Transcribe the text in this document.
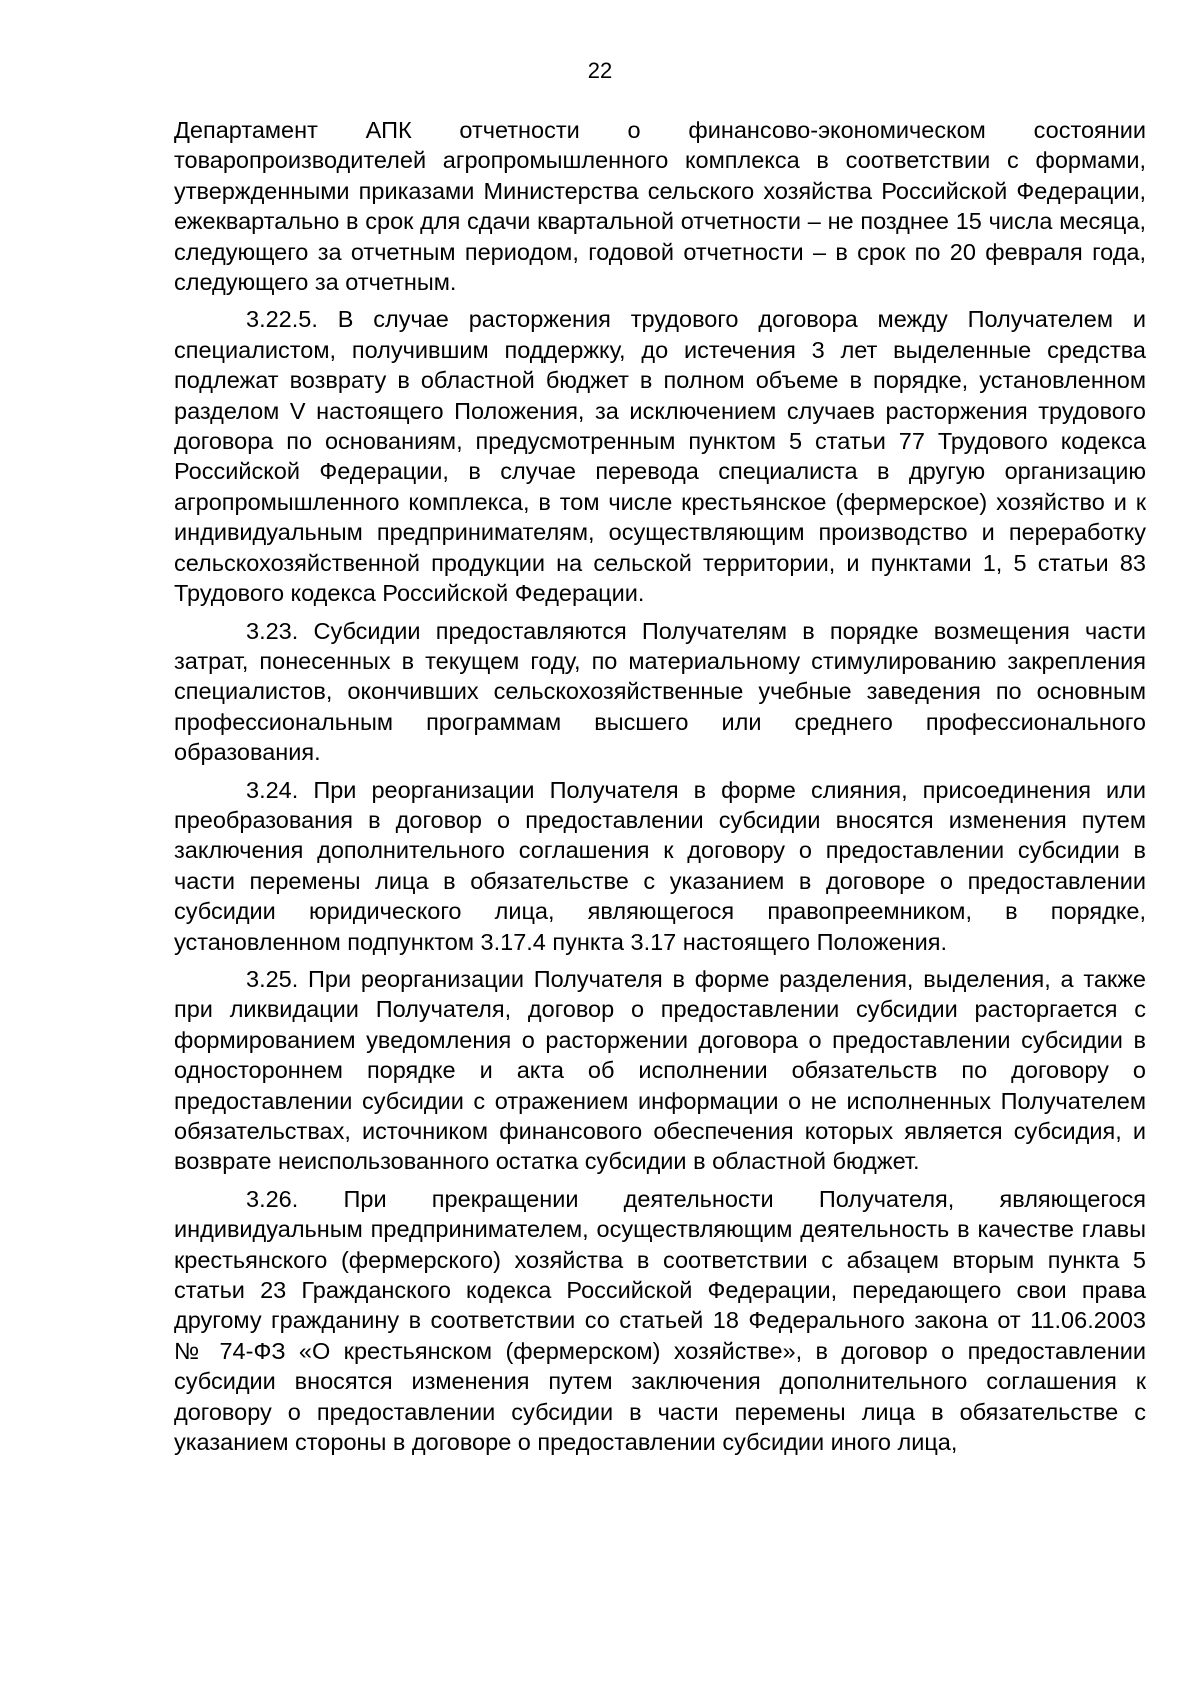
22

Департамент АПК отчетности о финансово-экономическом состоянии товаропроизводителей агропромышленного комплекса в соответствии с формами, утвержденными приказами Министерства сельского хозяйства Российской Федерации, ежеквартально в срок для сдачи квартальной отчетности – не позднее 15 числа месяца, следующего за отчетным периодом, годовой отчетности – в срок по 20 февраля года, следующего за отчетным.

3.22.5. В случае расторжения трудового договора между Получателем и специалистом, получившим поддержку, до истечения 3 лет выделенные средства подлежат возврату в областной бюджет в полном объеме в порядке, установленном разделом V настоящего Положения, за исключением случаев расторжения трудового договора по основаниям, предусмотренным пунктом 5 статьи 77 Трудового кодекса Российской Федерации, в случае перевода специалиста в другую организацию агропромышленного комплекса, в том числе крестьянское (фермерское) хозяйство и к индивидуальным предпринимателям, осуществляющим производство и переработку сельскохозяйственной продукции на сельской территории, и пунктами 1, 5 статьи 83 Трудового кодекса Российской Федерации.

3.23. Субсидии предоставляются Получателям в порядке возмещения части затрат, понесенных в текущем году, по материальному стимулированию закрепления специалистов, окончивших сельскохозяйственные учебные заведения по основным профессиональным программам высшего или среднего профессионального образования.

3.24. При реорганизации Получателя в форме слияния, присоединения или преобразования в договор о предоставлении субсидии вносятся изменения путем заключения дополнительного соглашения к договору о предоставлении субсидии в части перемены лица в обязательстве с указанием в договоре о предоставлении субсидии юридического лица, являющегося правопреемником, в порядке, установленном подпунктом 3.17.4 пункта 3.17 настоящего Положения.

3.25. При реорганизации Получателя в форме разделения, выделения, а также при ликвидации Получателя, договор о предоставлении субсидии расторгается с формированием уведомления о расторжении договора о предоставлении субсидии в одностороннем порядке и акта об исполнении обязательств по договору о предоставлении субсидии с отражением информации о не исполненных Получателем обязательствах, источником финансового обеспечения которых является субсидия, и возврате неиспользованного остатка субсидии в областной бюджет.

3.26. При прекращении деятельности Получателя, являющегося индивидуальным предпринимателем, осуществляющим деятельность в качестве главы крестьянского (фермерского) хозяйства в соответствии с абзацем вторым пункта 5 статьи 23 Гражданского кодекса Российской Федерации, передающего свои права другому гражданину в соответствии со статьей 18 Федерального закона от 11.06.2003 № 74-ФЗ «О крестьянском (фермерском) хозяйстве», в договор о предоставлении субсидии вносятся изменения путем заключения дополнительного соглашения к договору о предоставлении субсидии в части перемены лица в обязательстве с указанием стороны в договоре о предоставлении субсидии иного лица,
